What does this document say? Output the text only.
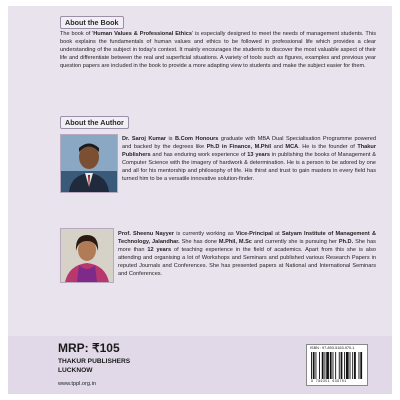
About the Book
The book of 'Human Values & Professional Ethics' is especially designed to meet the needs of management students. This book explains the fundamentals of human values and ethics to be followed in professional life which provides a clear understanding of the subject in today's context. It mainly encourages the students to discover the most valuable aspect of their life and differentiate between the real and superficial situations. A variety of tools such as figures, examples and previous year question papers are included in the book to provide a more adapting view to students and make the subject easier for them.
About the Author
Dr. Saroj Kumar is B.Com Honours graduate with MBA Dual Specialisation Programme powered and backed by the degrees like Ph.D in Finance, M.Phil and MCA. He is the founder of Thakur Publishers and has enduring work experience of 13 years in publishing the books of Management & Computer Science with the imagery of hardwork & determination. He is a person to be adored by one and all for his mentorship and philosophy of life. His thirst and trust to gain masters in every field has turned him to be a versatile innovative solution-finder.
Prof. Sheenu Nayyer is currently working as Vice-Principal at Satyam Institute of Management & Technology, Jalandhar. She has done M.Phil, M.Sc and currently she is pursuing her Ph.D. She has more than 12 years of teaching experience in the field of academics. Apart from this she is also attending and organising a lot of Workshops and Seminars and published various Research Papers in reputed Journals and Conferences. She has presented papers at National and International Seminars and Conferences.
MRP: ₹105
THAKUR PUBLISHERS
LUCKNOW
www.tppl.org.in
ISBN : 97-893-5163-970-1
9 789351 639701
